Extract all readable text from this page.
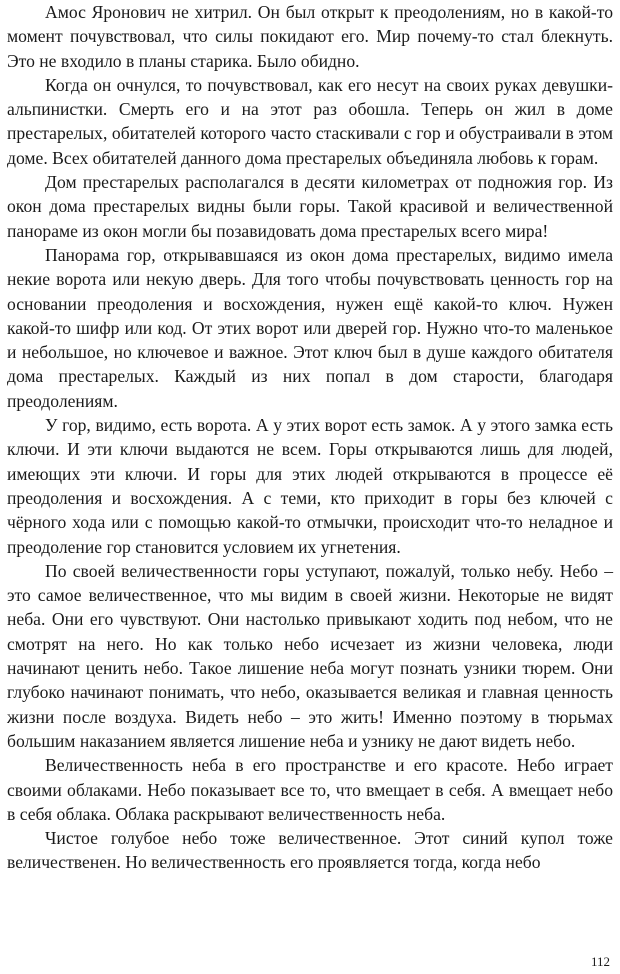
Амос Яронович не хитрил. Он был открыт к преодолениям, но в какой-то момент почувствовал, что силы покидают его. Мир почему-то стал блекнуть. Это не входило в планы старика. Было обидно.

Когда он очнулся, то почувствовал, как его несут на своих руках девушки-альпинистки. Смерть его и на этот раз обошла. Теперь он жил в доме престарелых, обитателей которого часто стаскивали с гор и обустраивали в этом доме. Всех обитателей данного дома престарелых объединяла любовь к горам.

Дом престарелых располагался в десяти километрах от подножия гор. Из окон дома престарелых видны были горы. Такой красивой и величественной панораме из окон могли бы позавидовать дома престарелых всего мира!

Панорама гор, открывавшаяся из окон дома престарелых, видимо имела некие ворота или некую дверь. Для того чтобы почувствовать ценность гор на основании преодоления и восхождения, нужен ещё какой-то ключ. Нужен какой-то шифр или код. От этих ворот или дверей гор. Нужно что-то маленькое и небольшое, но ключевое и важное. Этот ключ был в душе каждого обитателя дома престарелых. Каждый из них попал в дом старости, благодаря преодолениям.

У гор, видимо, есть ворота. А у этих ворот есть замок. А у этого замка есть ключи. И эти ключи выдаются не всем. Горы открываются лишь для людей, имеющих эти ключи. И горы для этих людей открываются в процессе её преодоления и восхождения. А с теми, кто приходит в горы без ключей с чёрного хода или с помощью какой-то отмычки, происходит что-то неладное и преодоление гор становится условием их угнетения.

По своей величественности горы уступают, пожалуй, только небу. Небо – это самое величественное, что мы видим в своей жизни. Некоторые не видят неба. Они его чувствуют. Они настолько привыкают ходить под небом, что не смотрят на него. Но как только небо исчезает из жизни человека, люди начинают ценить небо. Такое лишение неба могут познать узники тюрем. Они глубоко начинают понимать, что небо, оказывается великая и главная ценность жизни после воздуха. Видеть небо – это жить! Именно поэтому в тюрьмах большим наказанием является лишение неба и узнику не дают видеть небо.

Величественность неба в его пространстве и его красоте. Небо играет своими облаками. Небо показывает все то, что вмещает в себя. А вмещает небо в себя облака. Облака раскрывают величественность неба.

Чистое голубое небо тоже величественное. Этот синий купол тоже величественен. Но величественность его проявляется тогда, когда небо

112
